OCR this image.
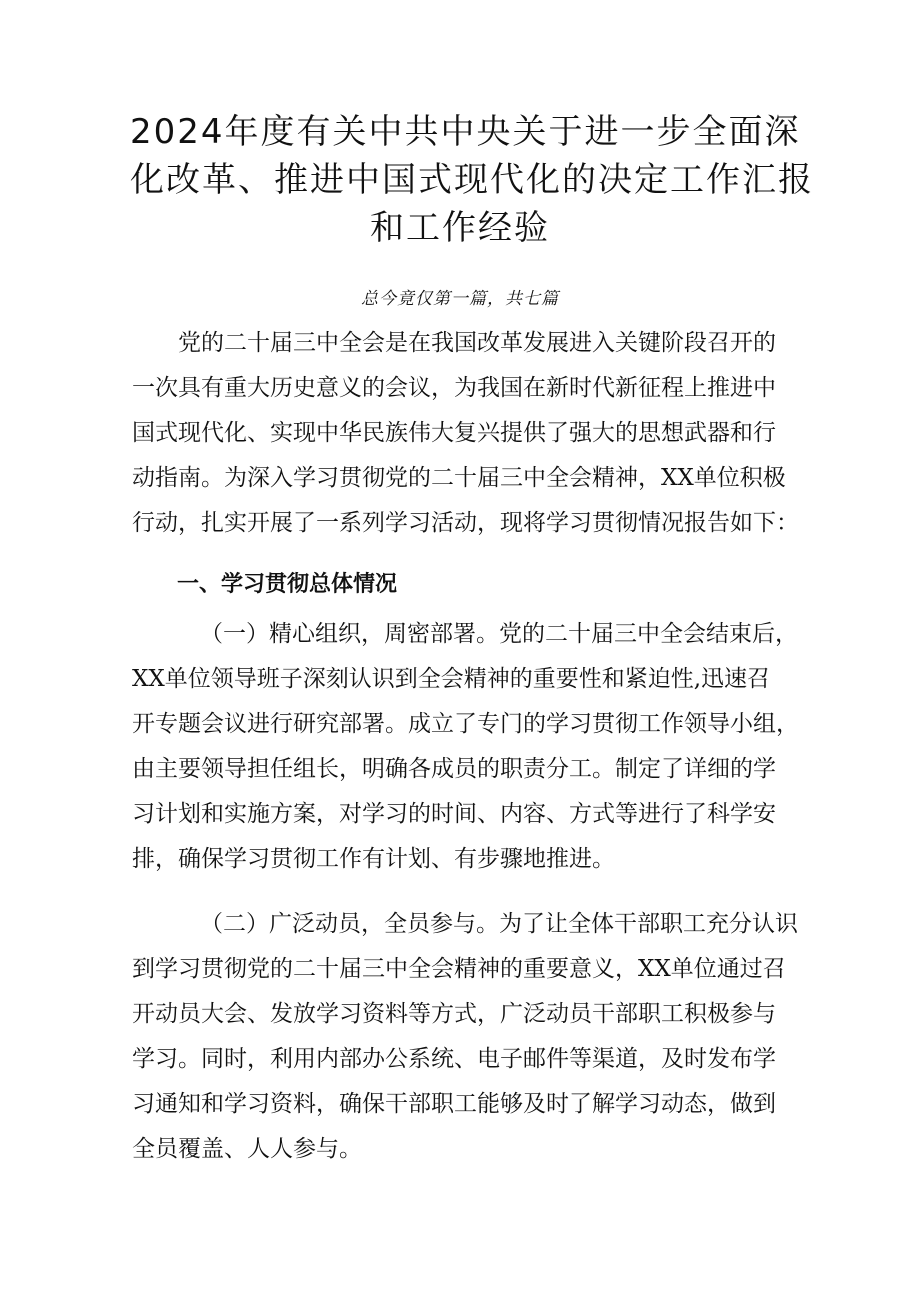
2024年度有关中共中央关于进一步全面深
化改革、推进中国式现代化的决定工作汇报
和工作经验
总今竟仅第一篇，共七篇

党的二十届三中全会是在我国改革发展进入关键阶段召开的
一次具有重大历史意义的会议，为我国在新时代新征程上推进中
国式现代化、实现中华民族伟大复兴提供了强大的思想武器和行
动指南。为深入学习贯彻党的二十届三中全会精神，XX单位积极
行动，扎实开展了一系列学习活动，现将学习贯彻情况报告如下：

一、学习贯彻总体情况

（一）精心组织，周密部署。党的二十届三中全会结束后，
XX单位领导班子深刻认识到全会精神的重要性和紧迫性,迅速召
开专题会议进行研究部署。成立了专门的学习贯彻工作领导小组，
由主要领导担任组长，明确各成员的职责分工。制定了详细的学
习计划和实施方案，对学习的时间、内容、方式等进行了科学安
排，确保学习贯彻工作有计划、有步骤地推进。

（二）广泛动员，全员参与。为了让全体干部职工充分认识
到学习贯彻党的二十届三中全会精神的重要意义，XX单位通过召
开动员大会、发放学习资料等方式，广泛动员干部职工积极参与
学习。同时，利用内部办公系统、电子邮件等渠道，及时发布学
习通知和学习资料，确保干部职工能够及时了解学习动态，做到
全员覆盖、人人参与。
